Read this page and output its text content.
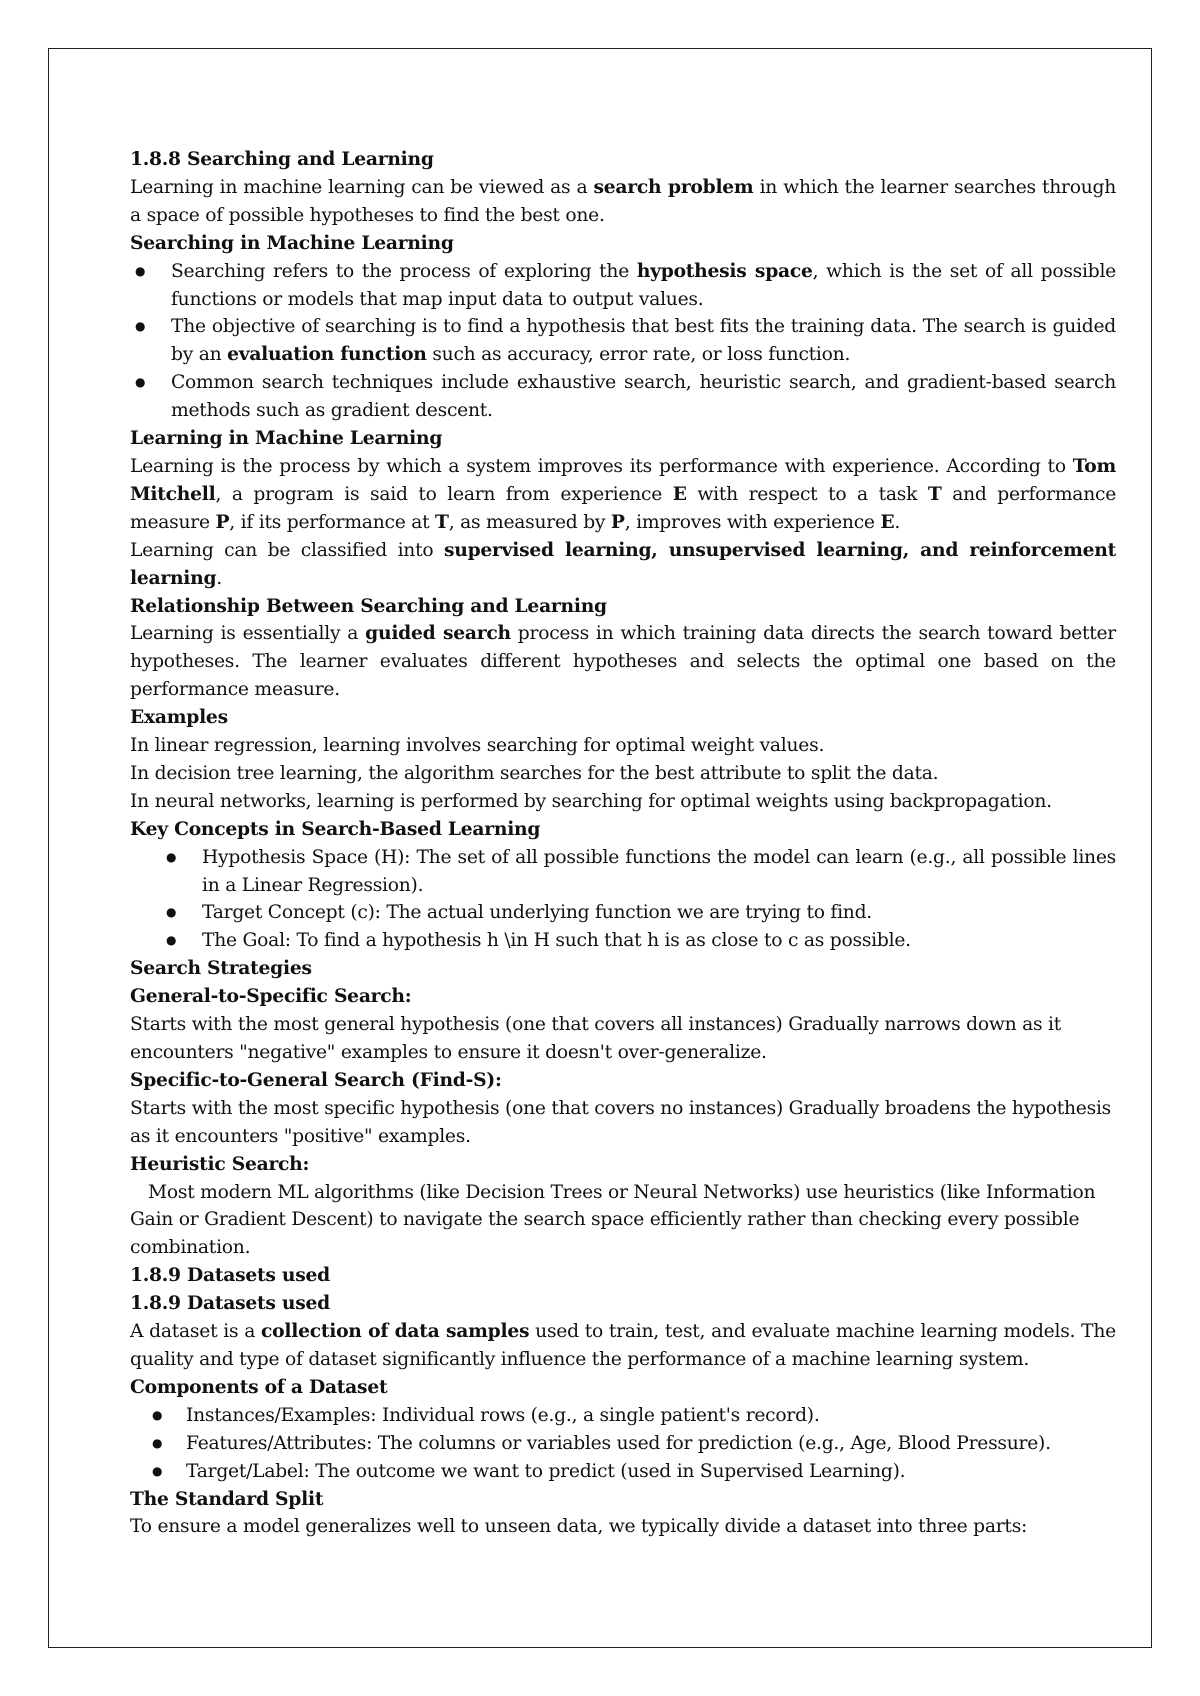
1.8.8 Searching and Learning

Learning in machine learning can be viewed as a search problem in which the learner searches through a space of possible hypotheses to find the best one.

Searching in Machine Learning
● Searching refers to the process of exploring the hypothesis space, which is the set of all possible functions or models that map input data to output values.
● The objective of searching is to find a hypothesis that best fits the training data. The search is guided by an evaluation function such as accuracy, error rate, or loss function.
● Common search techniques include exhaustive search, heuristic search, and gradient-based search methods such as gradient descent.
Learning in Machine Learning

Learning is the process by which a system improves its performance with experience. According to Tom Mitchell, a program is said to learn from experience E with respect to a task T and performance measure P, if its performance at T, as measured by P, improves with experience E.

Learning can be classified into supervised learning, unsupervised learning, and reinforcement learning.

Relationship Between Searching and Learning

Learning is essentially a guided search process in which training data directs the search toward better hypotheses. The learner evaluates different hypotheses and selects the optimal one based on the performance measure.

Examples

In linear regression, learning involves searching for optimal weight values.

In decision tree learning, the algorithm searches for the best attribute to split the data.

In neural networks, learning is performed by searching for optimal weights using backpropagation.

Key Concepts in Search-Based Learning
● Hypothesis Space (H): The set of all possible functions the model can learn (e.g., all possible lines in a Linear Regression).
● Target Concept (c): The actual underlying function we are trying to find.
● The Goal: To find a hypothesis h \in H such that h is as close to c as possible.
Search Strategies
General-to-Specific Search:

Starts with the most general hypothesis (one that covers all instances) Gradually narrows down as it encounters "negative" examples to ensure it doesn't over-generalize.

Specific-to-General Search (Find-S):

Starts with the most specific hypothesis (one that covers no instances) Gradually broadens the hypothesis as it encounters "positive" examples.

Heuristic Search:

Most modern ML algorithms (like Decision Trees or Neural Networks) use heuristics (like Information Gain or Gradient Descent) to navigate the search space efficiently rather than checking every possible combination.

1.8.9 Datasets used
1.8.9 Datasets used

A dataset is a collection of data samples used to train, test, and evaluate machine learning models. The quality and type of dataset significantly influence the performance of a machine learning system.

Components of a Dataset
● Instances/Examples: Individual rows (e.g., a single patient's record).
● Features/Attributes: The columns or variables used for prediction (e.g., Age, Blood Pressure).
● Target/Label: The outcome we want to predict (used in Supervised Learning).
The Standard Split

To ensure a model generalizes well to unseen data, we typically divide a dataset into three parts:
